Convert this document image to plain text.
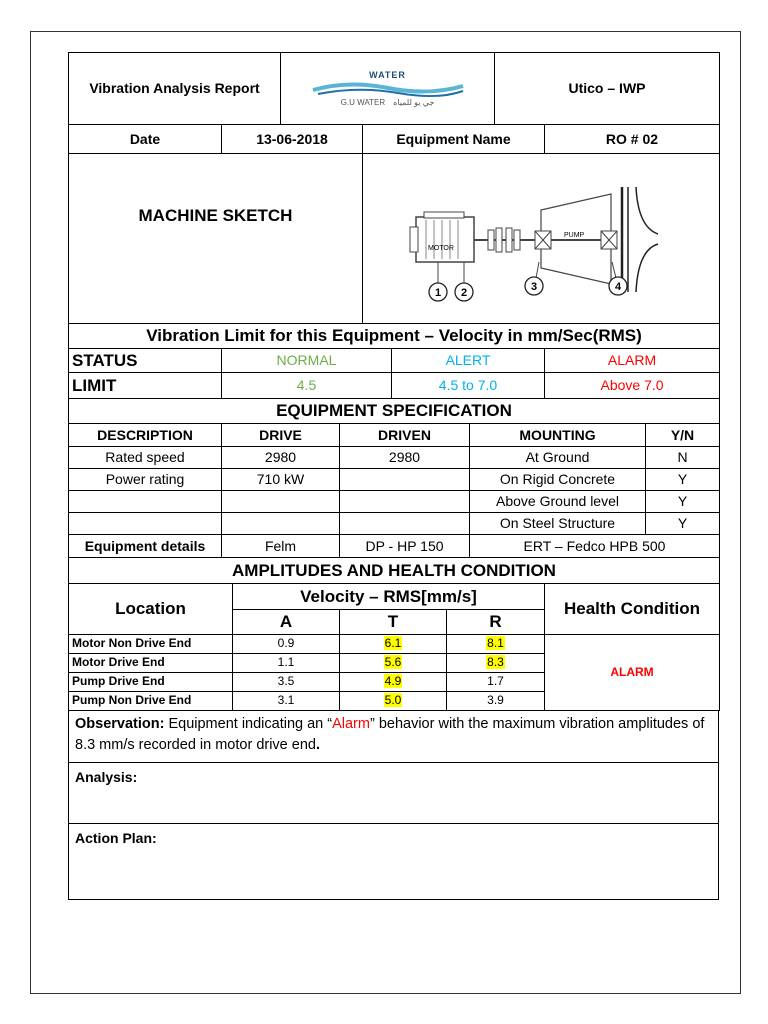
Vibration Analysis Report	
WATER
G.U WATER جي يو للمياه
	Utico – IWP
Date	13-06-2018	Equipment Name	RO # 02
MACHINE SKETCH	
MOTOR
PUMP
1 2	3	4
Vibration Limit for this Equipment – Velocity in mm/Sec(RMS)			
STATUS	NORMAL	ALERT	ALARM
LIMIT	4.5	4.5 to 7.0	Above 7.0
EQUIPMENT SPECIFICATION				
DESCRIPTION	DRIVE	DRIVEN	MOUNTING	Y/N
Rated speed	2980	2980	At Ground	N
Power rating	710 kW		On Rigid Concrete	Y
			Above Ground level	Y
			On Steel Structure	Y
Equipment details	Felm	DP - HP 150	ERT – Fedco HPB 500	
AMPLITUDES AND HEALTH CONDITION				
Location	Velocity – RMS[mm/s]			Health Condition
	A	T	R	
Motor Non Drive End	0.9	6.1	8.1	ALARM
Motor Drive End	1.1	5.6	8.3	
Pump Drive End	3.5	4.9	1.7	
Pump Non Drive End	3.1	5.0	3.9	
Observation: Equipment indicating an “Alarm” behavior with the maximum vibration amplitudes of 8.3 mm/s recorded in motor drive end.
Analysis:
Action Plan:
